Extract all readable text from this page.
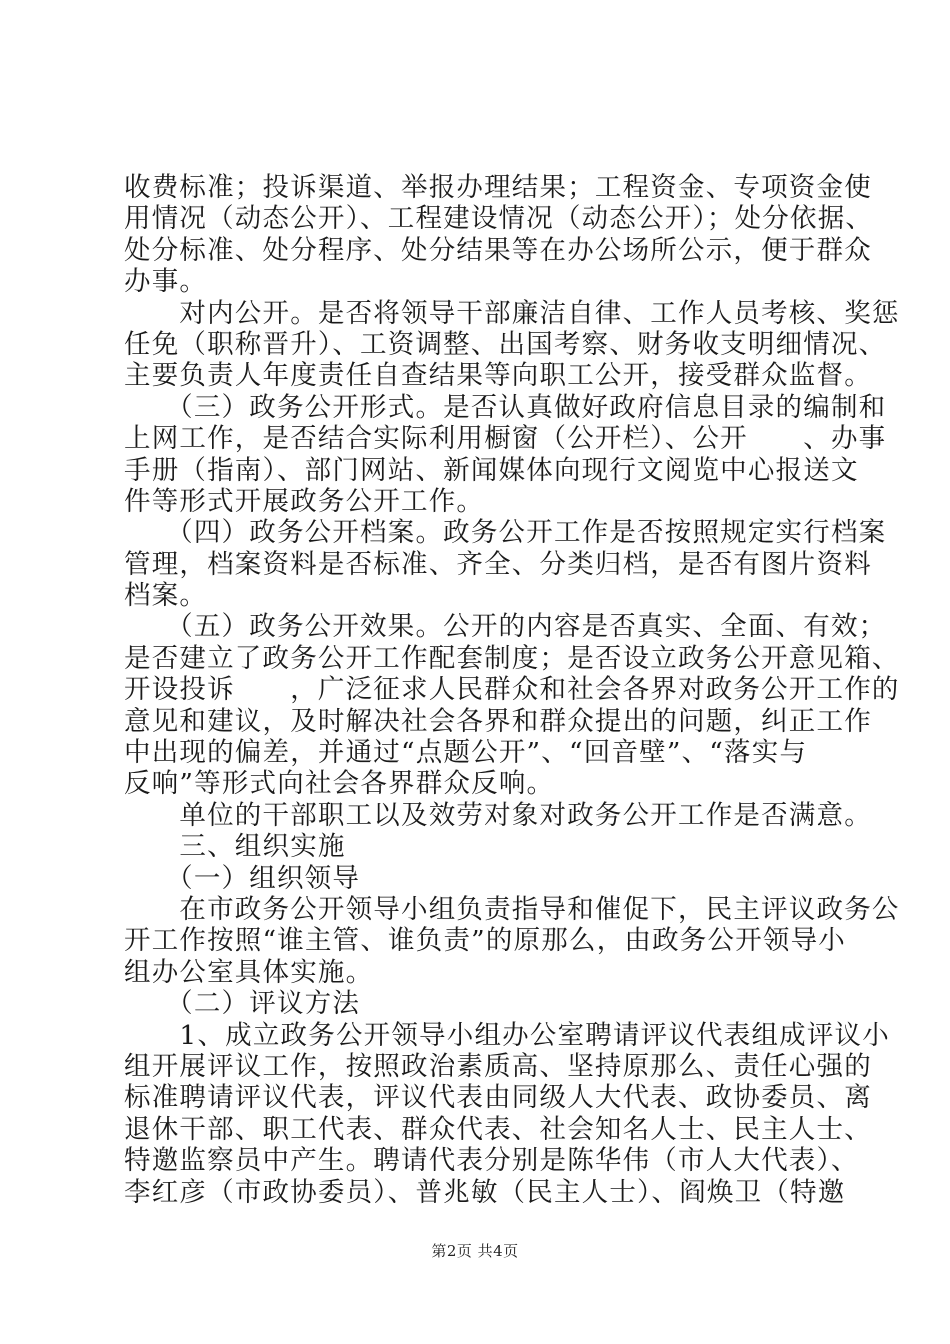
收费标准；投诉渠道、举报办理结果；工程资金、专项资金使
用情况（动态公开）、工程建设情况（动态公开）；处分依据、
处分标准、处分程序、处分结果等在办公场所公示，便于群众
办事。
　　对内公开。是否将领导干部廉洁自律、工作人员考核、奖惩
任免（职称晋升）、工资调整、出国考察、财务收支明细情况、
主要负责人年度责任自查结果等向职工公开，接受群众监督。
　　（三）政务公开形式。是否认真做好政府信息目录的编制和
上网工作，是否结合实际利用橱窗（公开栏）、公开　　、办事
手册（指南）、部门网站、新闻媒体向现行文阅览中心报送文
件等形式开展政务公开工作。
　　（四）政务公开档案。政务公开工作是否按照规定实行档案
管理，档案资料是否标准、齐全、分类归档，是否有图片资料
档案。
　　（五）政务公开效果。公开的内容是否真实、全面、有效；
是否建立了政务公开工作配套制度；是否设立政务公开意见箱、
开设投诉　　，广泛征求人民群众和社会各界对政务公开工作的
意见和建议，及时解决社会各界和群众提出的问题，纠正工作
中出现的偏差，并通过“点题公开”、“回音壁”、“落实与
反响”等形式向社会各界群众反响。
　　单位的干部职工以及效劳对象对政务公开工作是否满意。
　　三、组织实施
　　（一）组织领导
　　在市政务公开领导小组负责指导和催促下，民主评议政务公
开工作按照“谁主管、谁负责”的原那么，由政务公开领导小
组办公室具体实施。
　　（二）评议方法
　　1、成立政务公开领导小组办公室聘请评议代表组成评议小
组开展评议工作，按照政治素质高、坚持原那么、责任心强的
标准聘请评议代表，评议代表由同级人大代表、政协委员、离
退休干部、职工代表、群众代表、社会知名人士、民主人士、
特邀监察员中产生。聘请代表分别是陈华伟（市人大代表）、
李红彦（市政协委员）、普兆敏（民主人士）、阎焕卫（特邀
第2页 共4页
